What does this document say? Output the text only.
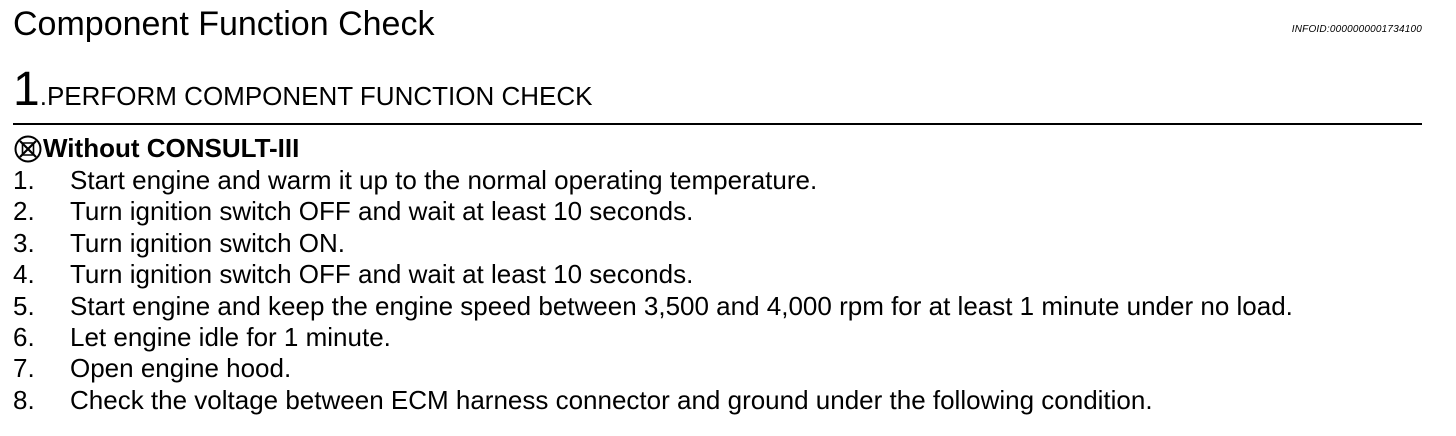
Component Function Check	INFOID:0000000001734100
1.PERFORM COMPONENT FUNCTION CHECK
Without CONSULT-III
1. Start engine and warm it up to the normal operating temperature.
2. Turn ignition switch OFF and wait at least 10 seconds.
3. Turn ignition switch ON.
4. Turn ignition switch OFF and wait at least 10 seconds.
5. Start engine and keep the engine speed between 3,500 and 4,000 rpm for at least 1 minute under no load.
6. Let engine idle for 1 minute.
7. Open engine hood.
8. Check the voltage between ECM harness connector and ground under the following condition.
